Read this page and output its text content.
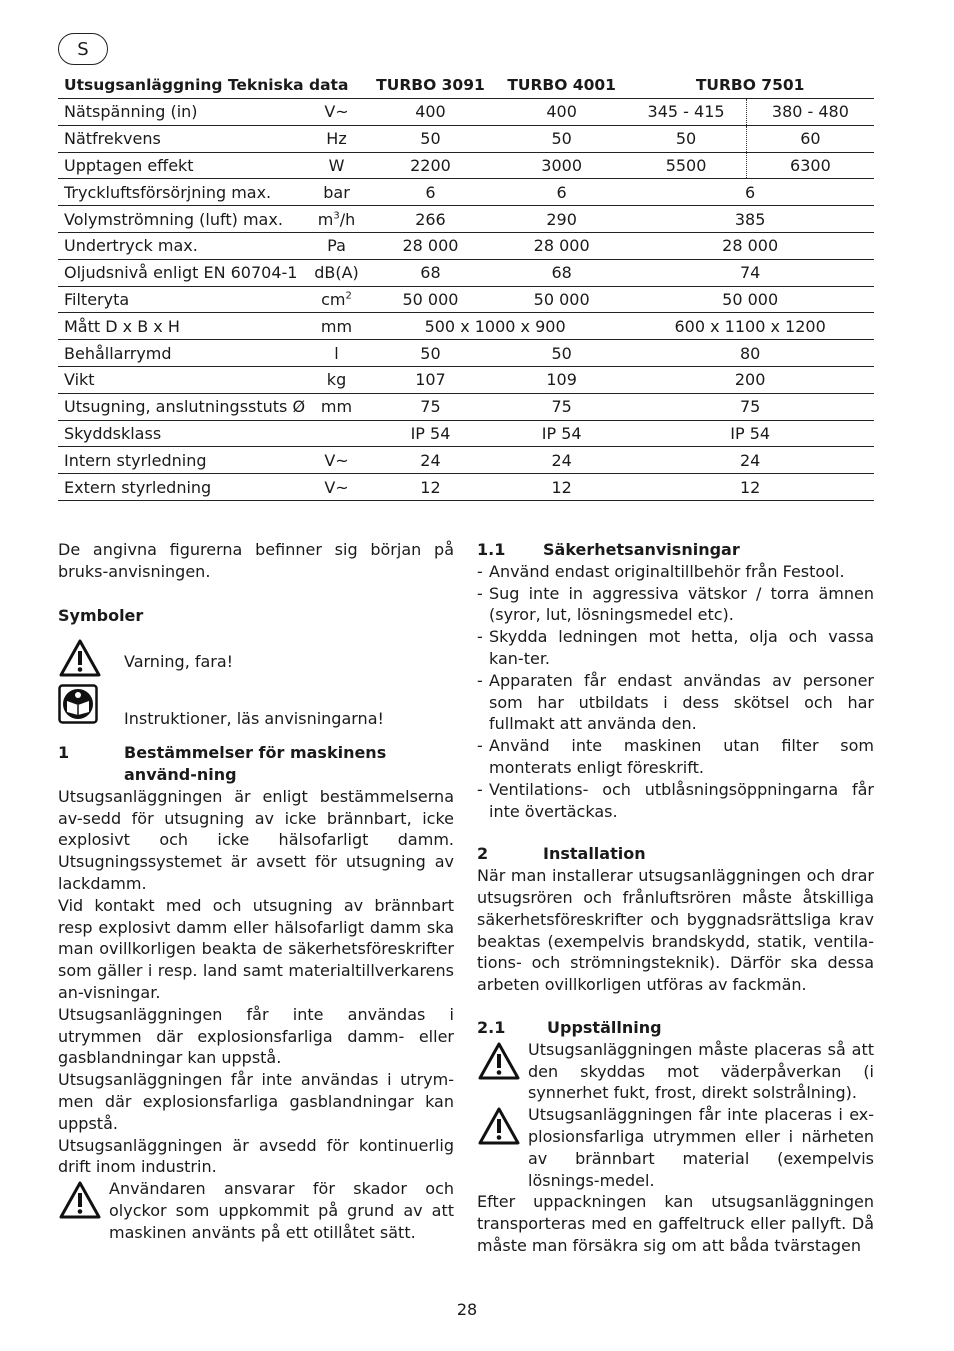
S
Utsugsanläggning Tekniska data		TURBO 3091	TURBO 4001	TURBO 7501	
Nätspänning (in)	V~	400	400	345 - 415	380 - 480
Nätfrekvens	Hz	50	50	50	60
Upptagen effekt	W	2200	3000	5500	6300
Tryckluftsförsörjning max.	bar	6	6	6	
Volymströmning (luft) max.	$m^3/h$	266	290	385	
Undertryck max.	Pa	28 000	28 000	28 000	
Oljudsnivå enligt EN 60704-1	dB(A)	68	68	74	
Filteryta	$cm^2$	50 000	50 000	50 000	
Mått D x B x H	mm	500 x 1000 x 900		600 x 1100 x 1200	
Behållarrymd	l	50	50	80	
Vikt	kg	107	109	200	
Utsugning, anslutningsstuts Ø	mm	75	75	75	
Skyddsklass		IP 54	IP 54	IP 54	
Intern styrledning	V~	24	24	24	
Extern styrledning	V~	12	12	12	

De angivna figurerna befinner sig början på bruks-anvisningen.

Symboler

Varning, fara!
Instruktioner, läs anvisningarna!
1	Bestämmelser för maskinens använd-ning

Utsugsanläggningen är enligt bestämmelserna av-sedd för utsugning av icke brännbart, icke explosivt och icke hälsofarligt damm. Utsugningssystemet är avsett för utsugning av lackdamm.

Vid kontakt med och utsugning av brännbart resp explosivt damm eller hälsofarligt damm ska man ovillkorligen beakta de säkerhetsföreskrifter som gäller i resp. land samt materialtillverkarens an-visningar.

Utsugsanläggningen får inte användas i utrymmen där explosionsfarliga damm- eller gasblandningar kan uppstå.

Utsugsanläggningen får inte användas i utrym-men där explosionsfarliga gasblandningar kan uppstå.

Utsugsanläggningen är avsedd för kontinuerlig drift inom industrin.

Användaren ansvarar för skador och olyckor som uppkommit på grund av att maskinen använts på ett otillåtet sätt.

1.1	Säkerhetsanvisningar
- Använd endast originaltillbehör från Festool.
- Sug inte in aggressiva vätskor / torra ämnen (syror, lut, lösningsmedel etc).
- Skydda ledningen mot hetta, olja och vassa kan-ter.
- Apparaten får endast användas av personer som har utbildats i dess skötsel och har fullmakt att använda den.
- Använd inte maskinen utan filter som monterats enligt föreskrift.
- Ventilations- och utblåsningsöppningarna får inte övertäckas.
2	Installation

När man installerar utsugsanläggningen och drar utsugsrören och frånluftsrören måste åtskilliga säkerhetsföreskrifter och byggnadsrättsliga krav beaktas (exempelvis brandskydd, statik, ventila-tions- och strömningsteknik). Därför ska dessa arbeten ovillkorligen utföras av fackmän.

2.1	Uppställning

Utsugsanläggningen måste placeras så att den skyddas mot väderpåverkan (i synnerhet fukt, frost, direkt solstrålning).

Utsugsanläggningen får inte placeras i ex-plosionsfarliga utrymmen eller i närheten av brännbart material (exempelvis lösnings-medel.

Efter uppackningen kan utsugsanläggningen transporteras med en gaffeltruck eller pallyft. Då måste man försäkra sig om att båda tvärstagen

28
